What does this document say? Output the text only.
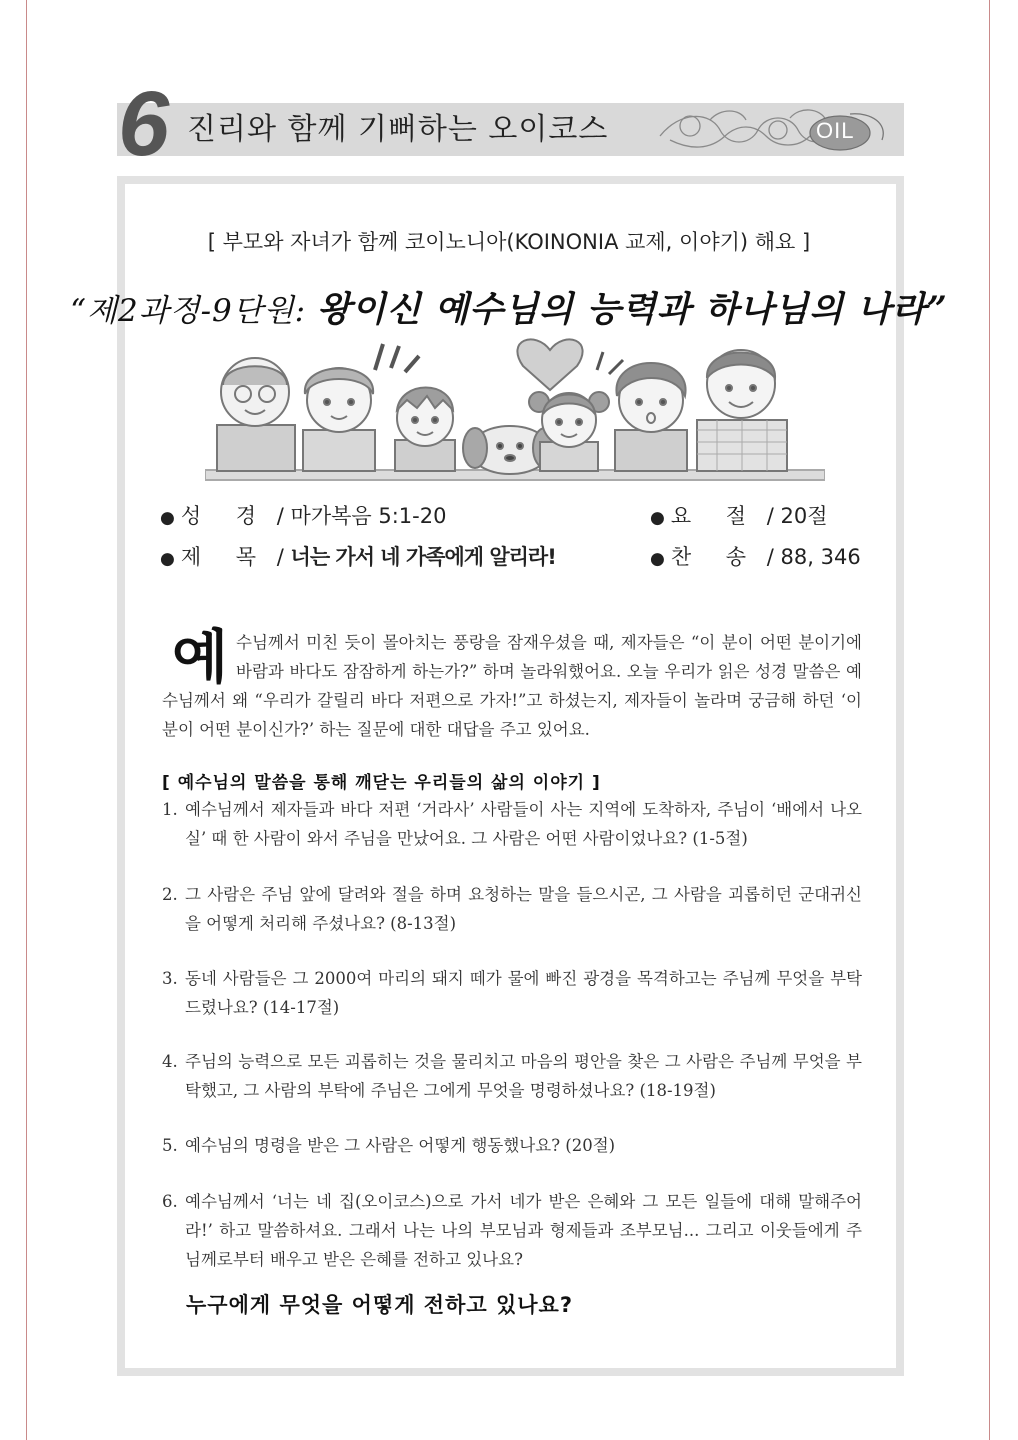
6 진리와 함께 기뻐하는 오이코스	OIL
[ 부모와 자녀가 함께 코이노니아(KOINONIA 교제, 이야기) 해요 ]
“제2과정-9단원: 왕이신 예수님의 능력과 하나님의 나라”
● 성 경 / 마가복음 5:1-20	● 요 절 / 20절
● 제 목 / 너는 가서 네 가족에게 알리라!	● 찬 송 / 88, 346
예수님께서 미친 듯이 몰아치는 풍랑을 잠재우셨을 때, 제자들은 “이 분이 어떤 분이기에 바람과 바다도 잠잠하게 하는가?” 하며 놀라워했어요. 오늘 우리가 읽은 성경 말씀은 예수님께서 왜 “우리가 갈릴리 바다 저편으로 가자!”고 하셨는지, 제자들이 놀라며 궁금해 하던 ‘이 분이 어떤 분이신가?’ 하는 질문에 대한 대답을 주고 있어요.
[ 예수님의 말씀을 통해 깨닫는 우리들의 삶의 이야기 ]
1. 예수님께서 제자들과 바다 저편 ‘거라사’ 사람들이 사는 지역에 도착하자, 주님이 ‘배에서 나오실’ 때 한 사람이 와서 주님을 만났어요. 그 사람은 어떤 사람이었나요? (1-5절)
2. 그 사람은 주님 앞에 달려와 절을 하며 요청하는 말을 들으시곤, 그 사람을 괴롭히던 군대귀신을 어떻게 처리해 주셨나요? (8-13절)
3. 동네 사람들은 그 2000여 마리의 돼지 떼가 물에 빠진 광경을 목격하고는 주님께 무엇을 부탁드렸나요? (14-17절)
4. 주님의 능력으로 모든 괴롭히는 것을 물리치고 마음의 평안을 찾은 그 사람은 주님께 무엇을 부탁했고, 그 사람의 부탁에 주님은 그에게 무엇을 명령하셨나요? (18-19절)
5. 예수님의 명령을 받은 그 사람은 어떻게 행동했나요? (20절)
6. 예수님께서 ‘너는 네 집(오이코스)으로 가서 네가 받은 은혜와 그 모든 일들에 대해 말해주어라!’ 하고 말씀하셔요. 그래서 나는 나의 부모님과 형제들과 조부모님... 그리고 이웃들에게 주님께로부터 배우고 받은 은혜를 전하고 있나요?
누구에게 무엇을 어떻게 전하고 있나요?
